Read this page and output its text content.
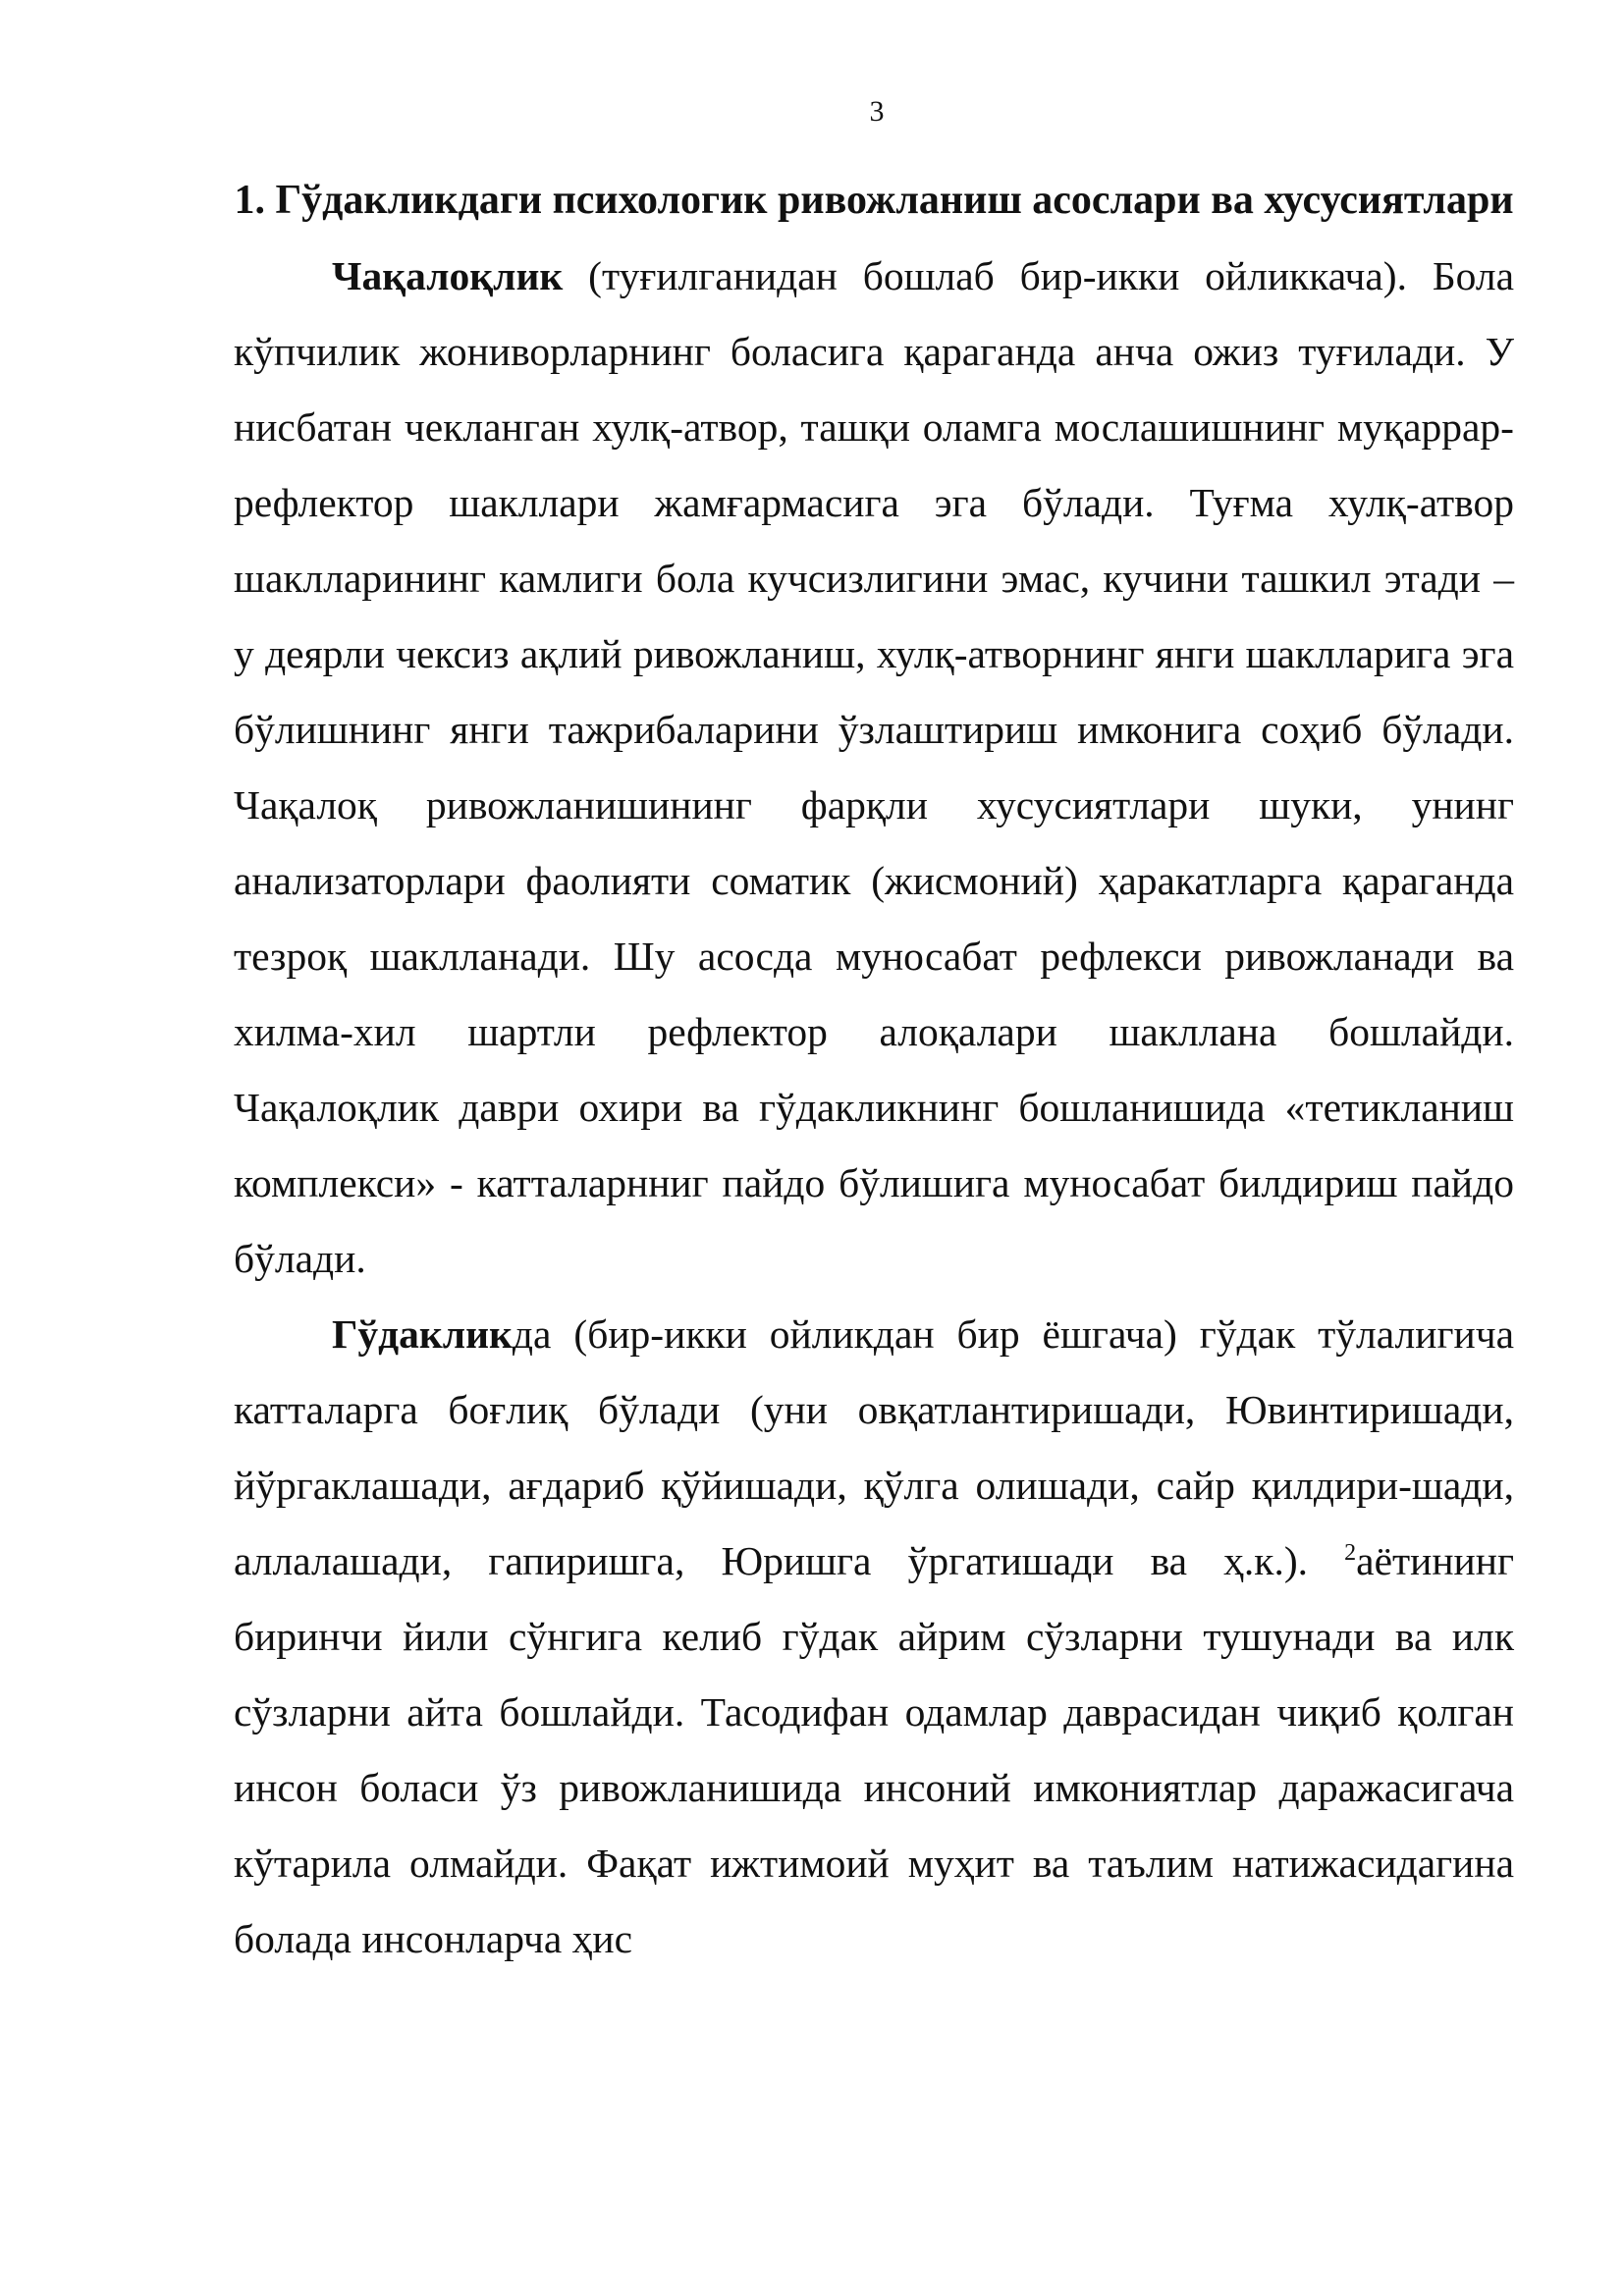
3
1. Гўдакликдаги психологик ривожланиш асослари ва хусусиятлари

Чақалоқлик (туғилганидан бошлаб бир-икки ойликкача). Бола кўпчилик жониворларнинг боласига қараганда анча ожиз туғилади. У нисбатан чекланган хулқ-атвор, ташқи оламга мослашишнинг муқаррар-рефлектор шакллари жамғармасига эга бўлади. Туғма хулқ-атвор шаклларининг камлиги бола кучсизлигини эмас, кучини ташкил этади – у деярли чексиз ақлий ривожланиш, хулқ-атворнинг янги шаклларига эга бўлишнинг янги тажрибаларини ўзлаштириш имконига соҳиб бўлади. Чақалоқ ривожланишининг фарқли хусусиятлари шуки, унинг анализаторлари фаолияти соматик (жисмоний) ҳаракатларга қараганда тезроқ шаклланади. Шу асосда муносабат рефлекси ривожланади ва хилма-хил шартли рефлектор алоқалари шакллана бошлайди. Чақалоқлик даври охири ва гўдакликнинг бошланишида «тетикланиш комплекси» - катталарнниг пайдо бўлишига муносабат билдириш пайдо бўлади.

Гўдакликда (бир-икки ойликдан бир ёшгача) гўдак тўлалигича катталарга боғлиқ бўлади (уни овқатлантиришади, Ювинтиришади, йўргаклашади, ағдариб қўйишади, қўлга олишади, сайр қилдири-шади, аллалашади, гапиришга, Юришга ўргатишади ва ҳ.к.). $^2$аётининг биринчи йили сўнгига келиб гўдак айрим сўзларни тушунади ва илк сўзларни айта бошлайди. Тасодифан одамлар даврасидан чиқиб қолган инсон боласи ўз ривожланишида инсоний имкониятлар даражасигача кўтарила олмайди. Фақат ижтимоий муҳит ва таълим натижасидагина болада инсонларча ҳис
